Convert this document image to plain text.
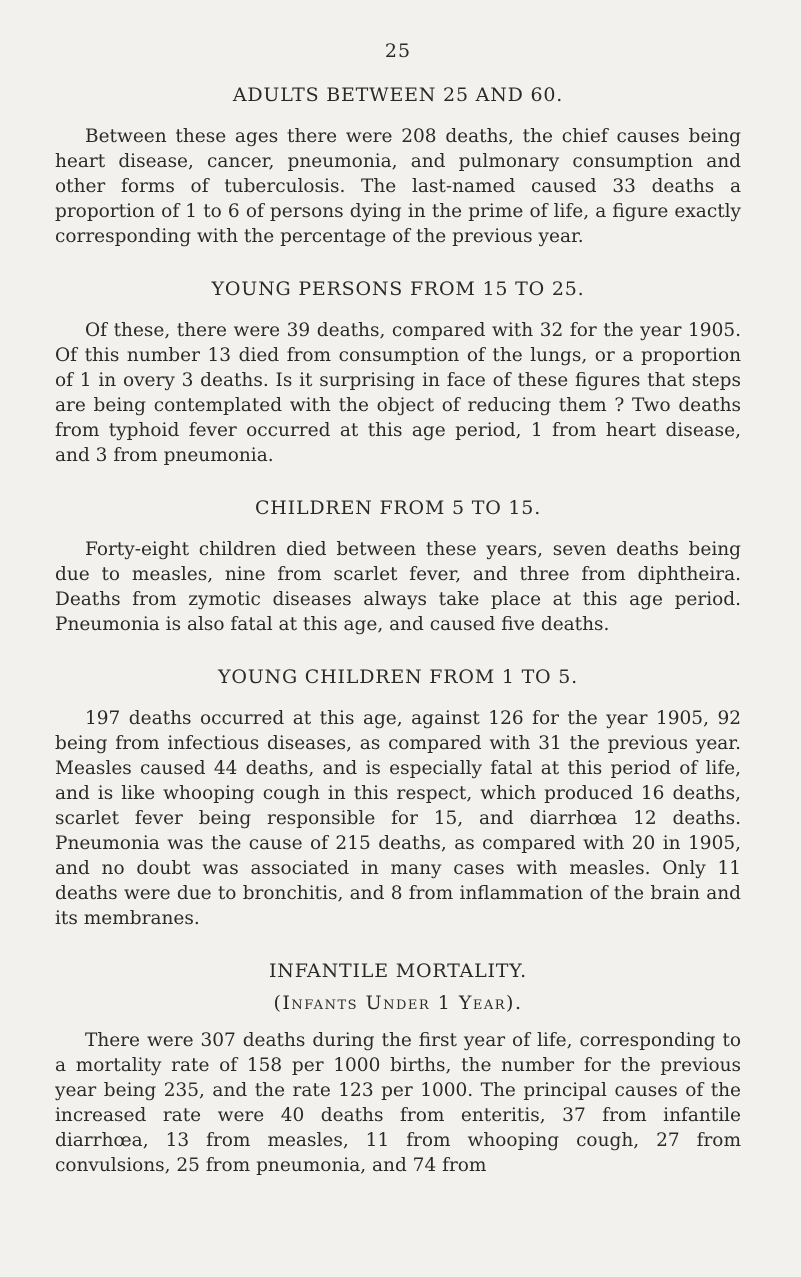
25
ADULTS BETWEEN 25 AND 60.

Between these ages there were 208 deaths, the chief causes being heart disease, cancer, pneumonia, and pulmonary consumption and other forms of tuberculosis. The last-named caused 33 deaths a proportion of 1 to 6 of persons dying in the prime of life, a figure exactly corresponding with the percentage of the previous year.

YOUNG PERSONS FROM 15 TO 25.

Of these, there were 39 deaths, compared with 32 for the year 1905. Of this number 13 died from consumption of the lungs, or a proportion of 1 in overy 3 deaths. Is it surprising in face of these figures that steps are being contemplated with the object of reducing them ? Two deaths from typhoid fever occurred at this age period, 1 from heart disease, and 3 from pneumonia.

CHILDREN FROM 5 TO 15.

Forty-eight children died between these years, seven deaths being due to measles, nine from scarlet fever, and three from diphtheira. Deaths from zymotic diseases always take place at this age period. Pneumonia is also fatal at this age, and caused five deaths.

YOUNG CHILDREN FROM 1 TO 5.

197 deaths occurred at this age, against 126 for the year 1905, 92 being from infectious diseases, as compared with 31 the previous year. Measles caused 44 deaths, and is especially fatal at this period of life, and is like whooping cough in this respect, which produced 16 deaths, scarlet fever being responsible for 15, and diarrhœa 12 deaths. Pneumonia was the cause of 215 deaths, as compared with 20 in 1905, and no doubt was associated in many cases with measles. Only 11 deaths were due to bronchitis, and 8 from inflammation of the brain and its membranes.

INFANTILE MORTALITY.
(Infants Under 1 Year).

There were 307 deaths during the first year of life, corresponding to a mortality rate of 158 per 1000 births, the number for the previous year being 235, and the rate 123 per 1000. The principal causes of the increased rate were 40 deaths from enteritis, 37 from infantile diarrhœa, 13 from measles, 11 from whooping cough, 27 from convulsions, 25 from pneumonia, and 74 from
